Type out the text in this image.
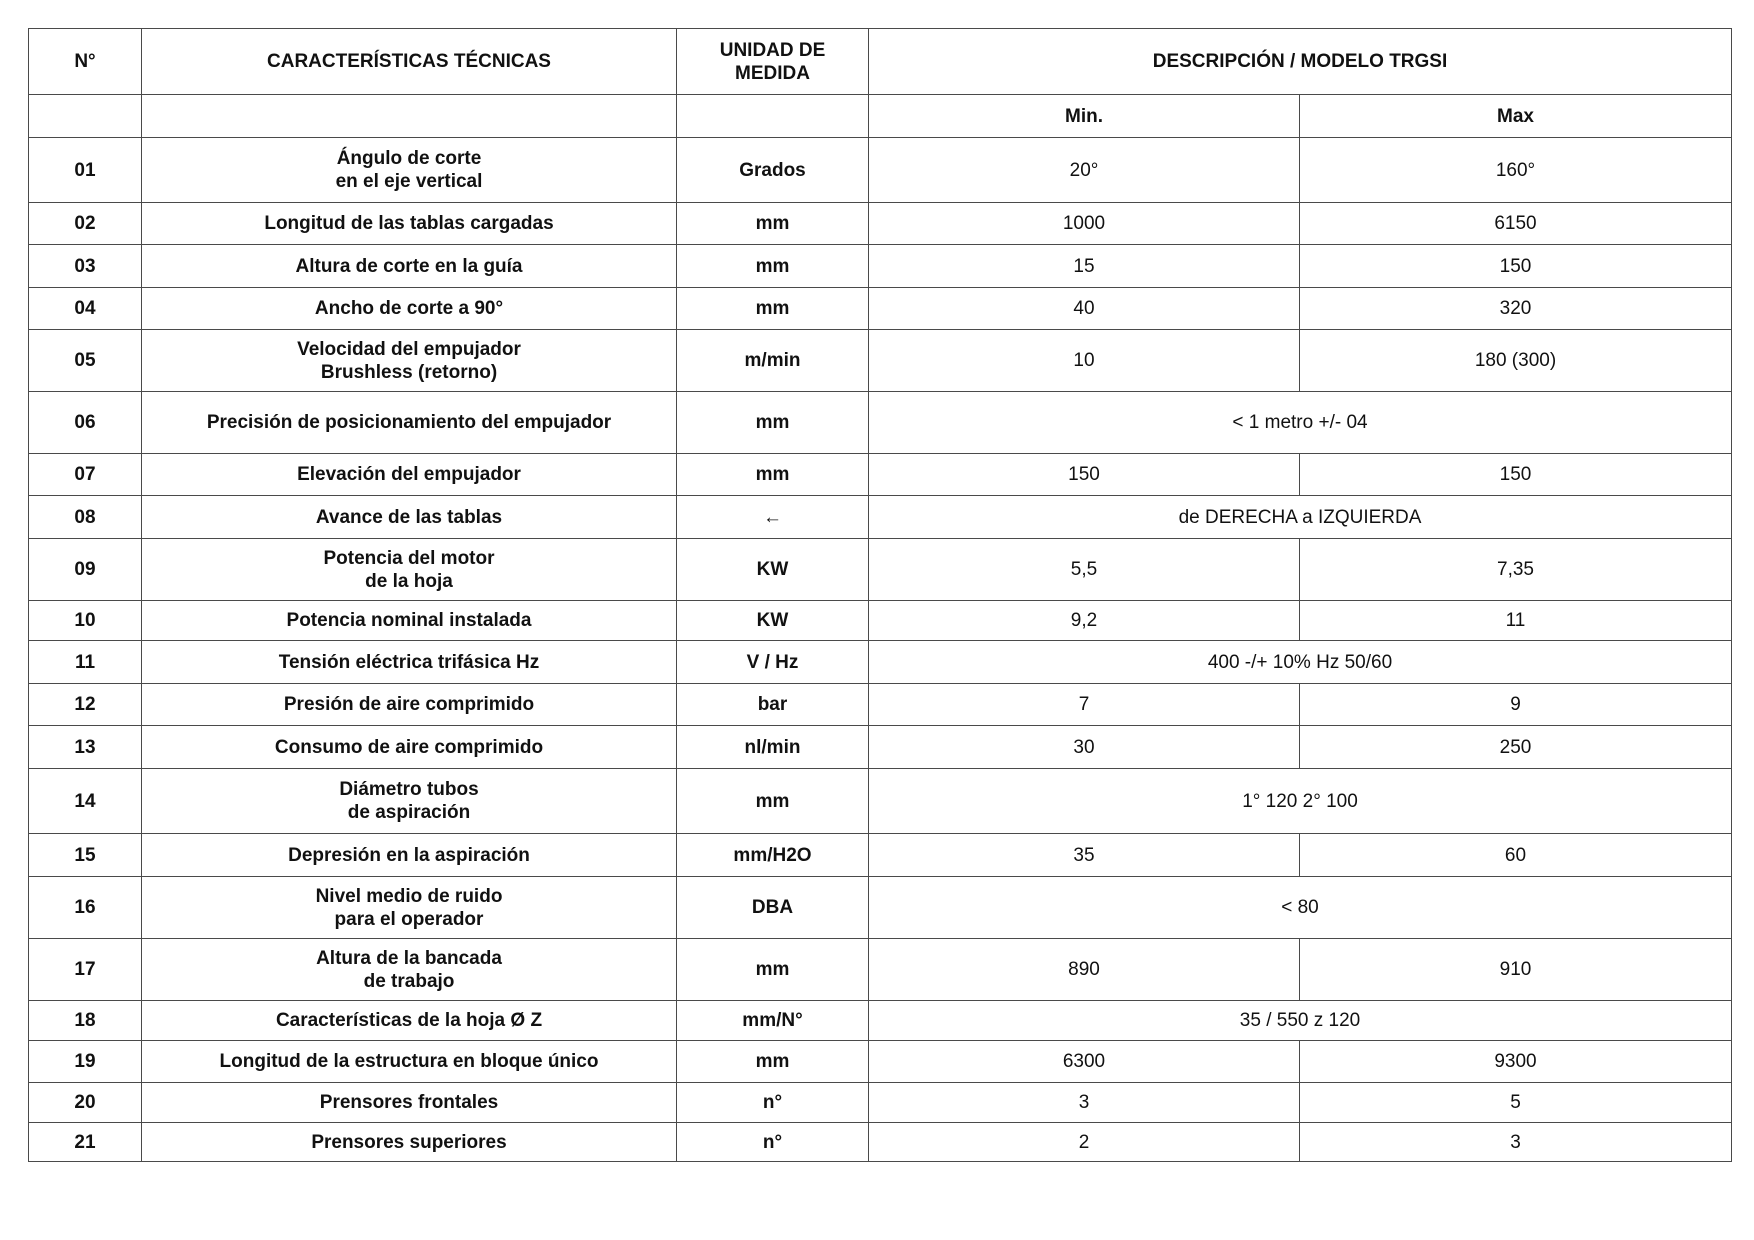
N°	CARACTERÍSTICAS TÉCNICAS	UNIDAD DE MEDIDA	DESCRIPCIÓN / MODELO TRGSI	
			Min.	Max
01	Ángulo de corte
en el eje vertical	Grados	20°	160°
02	Longitud de las tablas cargadas	mm	1000	6150
03	Altura de corte en la guía	mm	15	150
04	Ancho de corte a 90°	mm	40	320
05	Velocidad del empujador
Brushless (retorno)	m/min	10	180 (300)
06	Precisión de posicionamiento del empujador	mm	< 1 metro +/- 04	
07	Elevación del empujador	mm	150	150
08	Avance de las tablas	←	de DERECHA a IZQUIERDA	
09	Potencia del motor
de la hoja	KW	5,5	7,35
10	Potencia nominal instalada	KW	9,2	11
11	Tensión eléctrica trifásica Hz	V / Hz	400 -/+ 10% Hz 50/60	
12	Presión de aire comprimido	bar	7	9
13	Consumo de aire comprimido	nl/min	30	250
14	Diámetro tubos
de aspiración	mm	1° 120 2° 100	
15	Depresión en la aspiración	mm/H2O	35	60
16	Nivel medio de ruido
para el operador	DBA	< 80	
17	Altura de la bancada
de trabajo	mm	890	910
18	Características de la hoja Ø Z	mm/N°	35 / 550 z 120	
19	Longitud de la estructura en bloque único	mm	6300	9300
20	Prensores frontales	n°	3	5
21	Prensores superiores	n°	2	3
